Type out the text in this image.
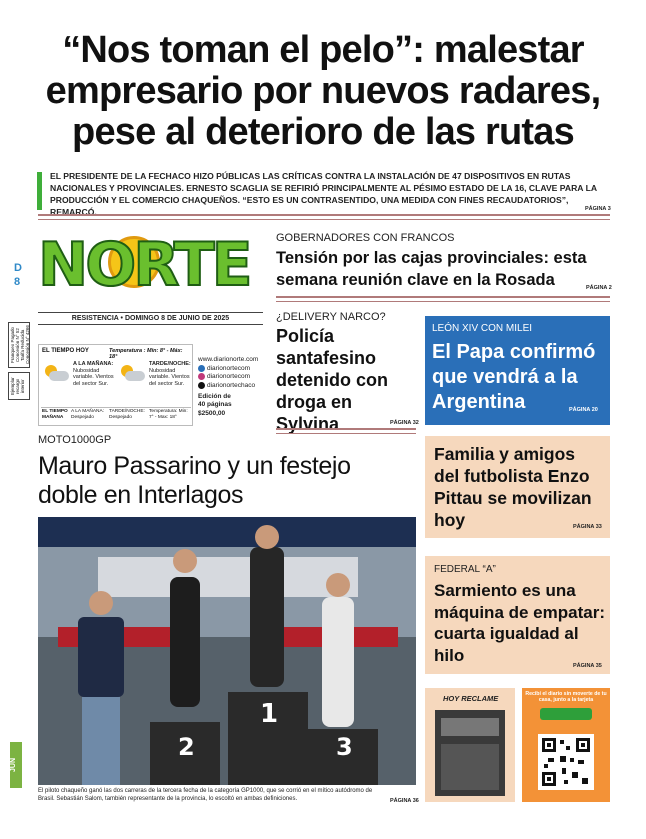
“Nos toman el pelo”: malestar empresario por nuevos radares, pese al deterioro de las rutas
EL PRESIDENTE DE LA FECHACO HIZO PÚBLICAS LAS CRÍTICAS CONTRA LA INSTALACIÓN DE 47 DISPOSITIVOS EN RUTAS NACIONALES Y PROVINCIALES. ERNESTO SCAGLIA SE REFIRIÓ PRINCIPALMENTE AL PÉSIMO ESTADO DE LA 16, CLAVE PARA LA PRODUCCIÓN Y EL COMERCIO CHAQUEÑOS. “ESTO ES UN CONTRASENTIDO, UNA MEDIDA CON FINES RECAUDATORIOS”, REMARCÓ.	PÁGINA 3
D
8
Franqueo Pagado Concesión N° 52 Tarifa Reducida Concesión N° 4266
Ejemplar recargo interior
NORTE
RESISTENCIA • DOMINGO 8 DE JUNIO DE 2025
EL TIEMPO HOY	Temperatura : Min: 8° - Máx: 18°
A LA MAÑANA:
Nubosidad variable. Vientos del sector Sur.
TARDE/NOCHE:
Nubosidad variable. Vientos del sector Sur.
EL TIEMPO MAÑANA
A LA MAÑANA: Despejado
TARDE/NOCHE: Despejado
Temperatura: Min: 7° - Max: 18°
www.diarionorte.com
diarionortecom
diarionortecom
diarionortechaco
Edición de 40 páginas
$2500,00
GOBERNADORES CON FRANCOS
Tensión por las cajas provinciales: esta semana reunión clave en la Rosada	PÁGINA 2
¿DELIVERY NARCO?
Policía santafesino detenido con droga en Sylvina	PÁGINA 32
LEÓN XIV CON MILEI
El Papa confirmó que vendrá a la Argentina	PÁGINA 20
MOTO1000GP
Mauro Passarino y un festejo doble en Interlagos
2
1
3
El piloto chaqueño ganó las dos carreras de la tercera fecha de la categoría GP1000, que se corrió en el mítico autódromo de Brasil. Sebastián Salom, también representante de la provincia, lo escoltó en ambas definiciones.	PÁGINA 36
JUN
Familia y amigos del futbolista Enzo Pittau se movilizan hoy	PÁGINA 33
FEDERAL “A”
Sarmiento es una máquina de empatar: cuarta igualdad al hilo
PÁGINA 35
HOY RECLAME	Recibí el diario sin moverte de tu casa, junto a la tarjeta
